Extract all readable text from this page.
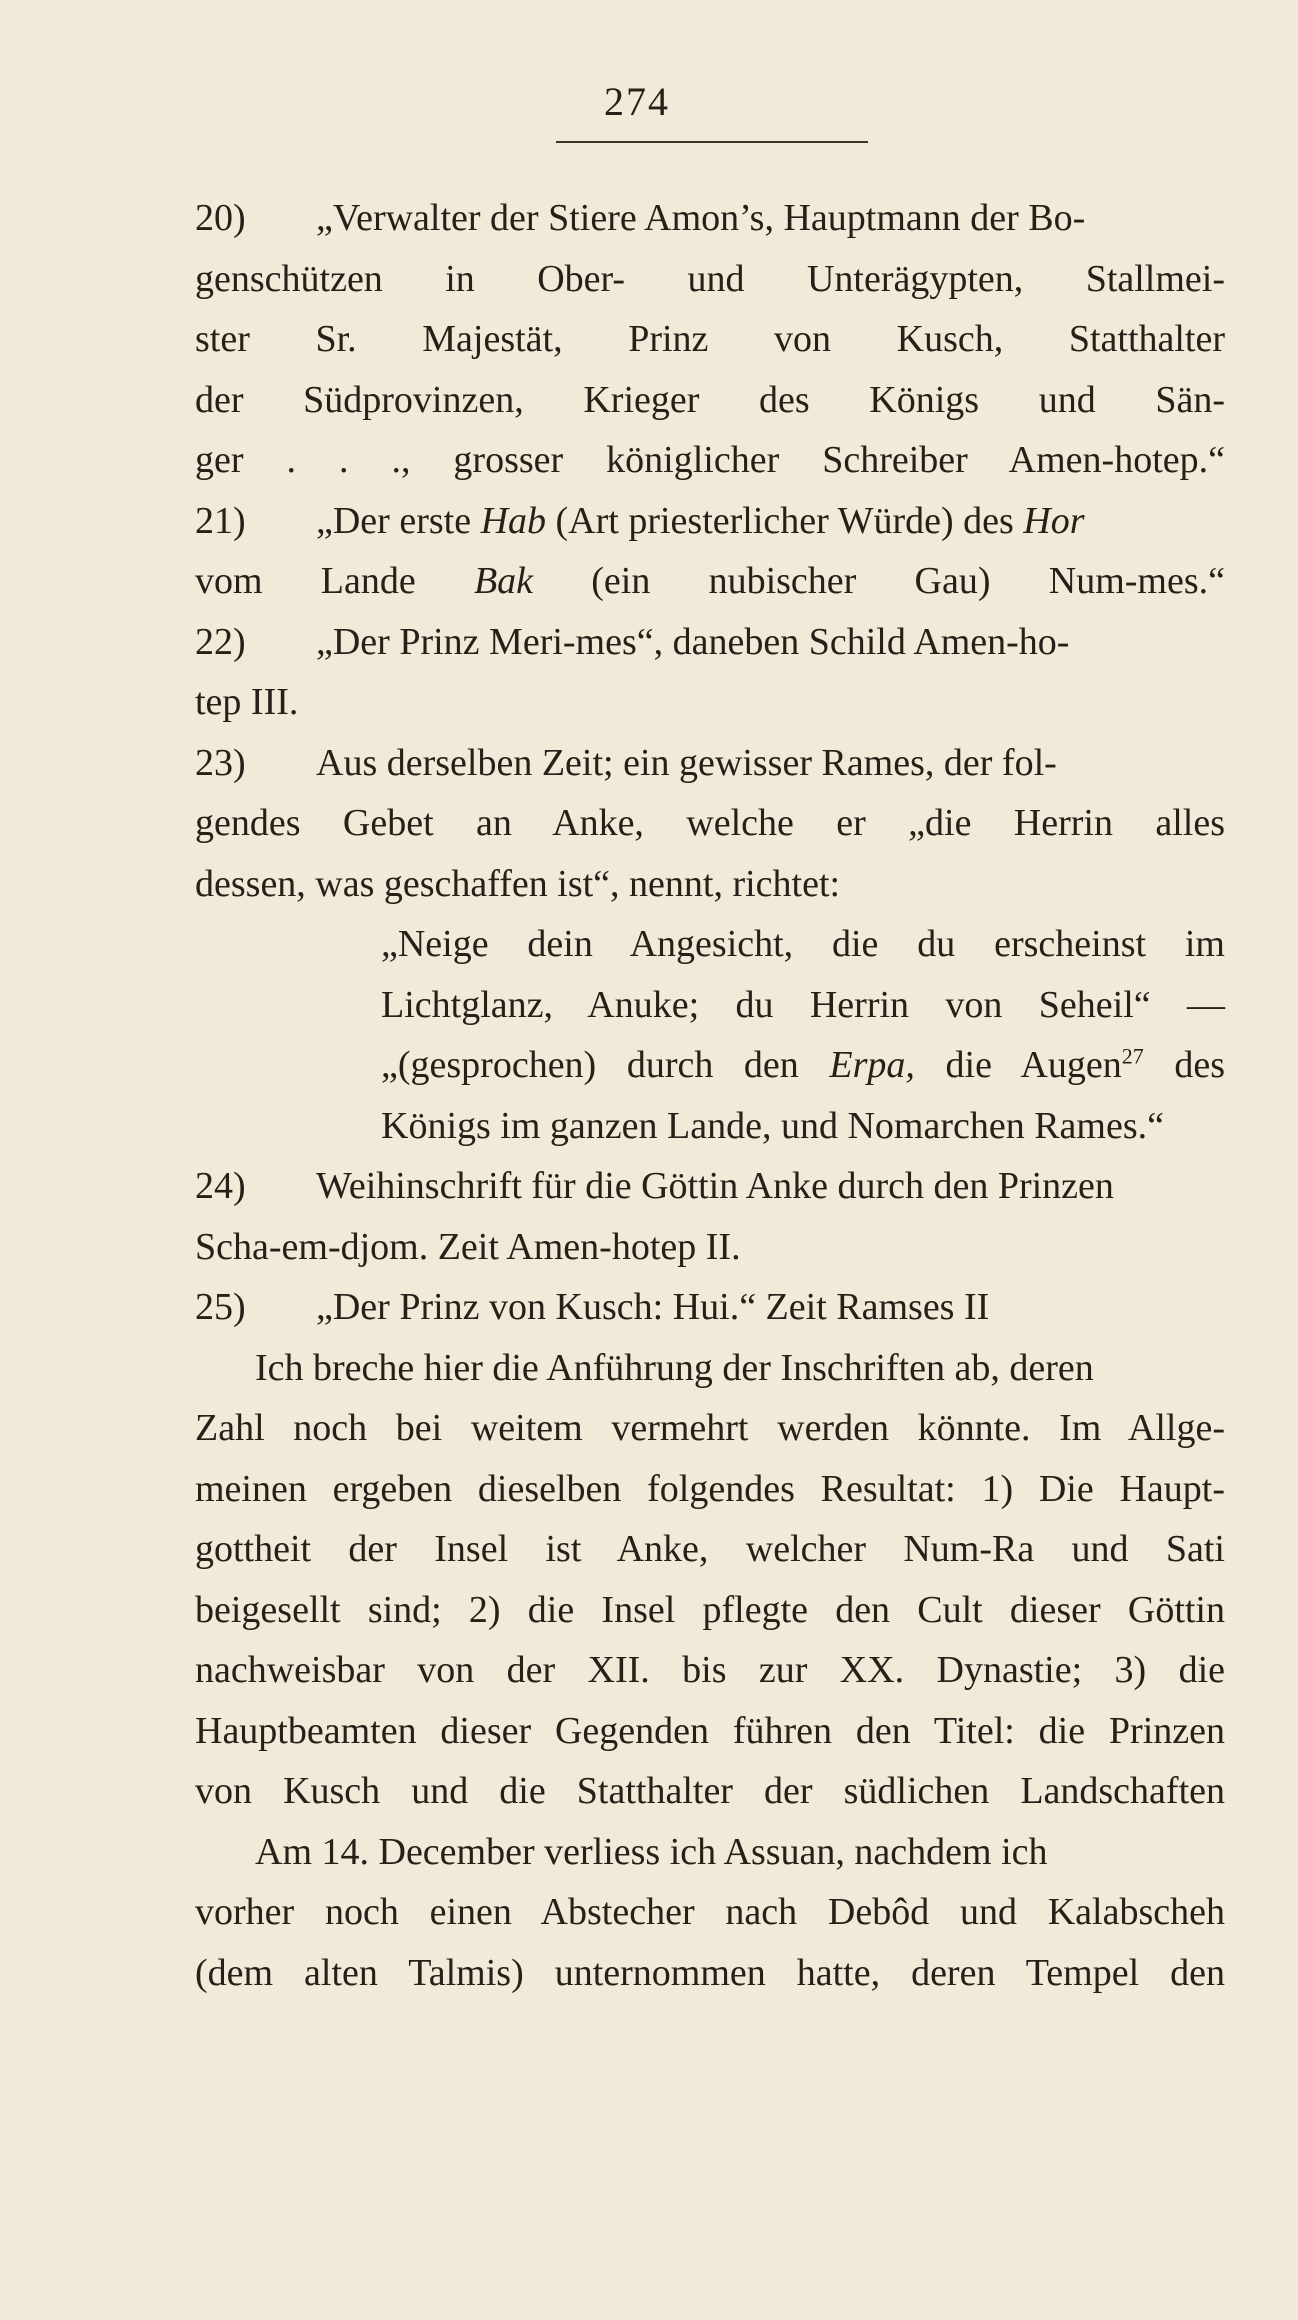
274
20) „Verwalter der Stiere Amon’s, Hauptmann der Bo-
genschützen in Ober- und Unterägypten, Stallmei-
ster Sr. Majestät, Prinz von Kusch, Statthalter
der Südprovinzen, Krieger des Königs und Sän-
ger . . ., grosser königlicher Schreiber Amen-hotep.“
21) „Der erste Hab (Art priesterlicher Würde) des Hor
vom Lande Bak (ein nubischer Gau) Num-mes.“
22) „Der Prinz Meri-mes“, daneben Schild Amen-ho-
tep III.
23) Aus derselben Zeit; ein gewisser Rames, der fol-
gendes Gebet an Anke, welche er „die Herrin alles
dessen, was geschaffen ist“, nennt, richtet:
„Neige dein Angesicht, die du erscheinst im
Lichtglanz, Anuke; du Herrin von Seheil“ —
„(gesprochen) durch den Erpa, die Augen$^{27}$ des
Königs im ganzen Lande, und Nomarchen Rames.“
24) Weihinschrift für die Göttin Anke durch den Prinzen
Scha-em-djom. Zeit Amen-hotep II.
25) „Der Prinz von Kusch: Hui.“ Zeit Ramses II
Ich breche hier die Anführung der Inschriften ab, deren
Zahl noch bei weitem vermehrt werden könnte. Im Allge-
meinen ergeben dieselben folgendes Resultat: 1) Die Haupt-
gottheit der Insel ist Anke, welcher Num-Ra und Sati
beigesellt sind; 2) die Insel pflegte den Cult dieser Göttin
nachweisbar von der XII. bis zur XX. Dynastie; 3) die
Hauptbeamten dieser Gegenden führen den Titel: die Prinzen
von Kusch und die Statthalter der südlichen Landschaften
Am 14. December verliess ich Assuan, nachdem ich
vorher noch einen Abstecher nach Debôd und Kalabscheh
(dem alten Talmis) unternommen hatte, deren Tempel den
